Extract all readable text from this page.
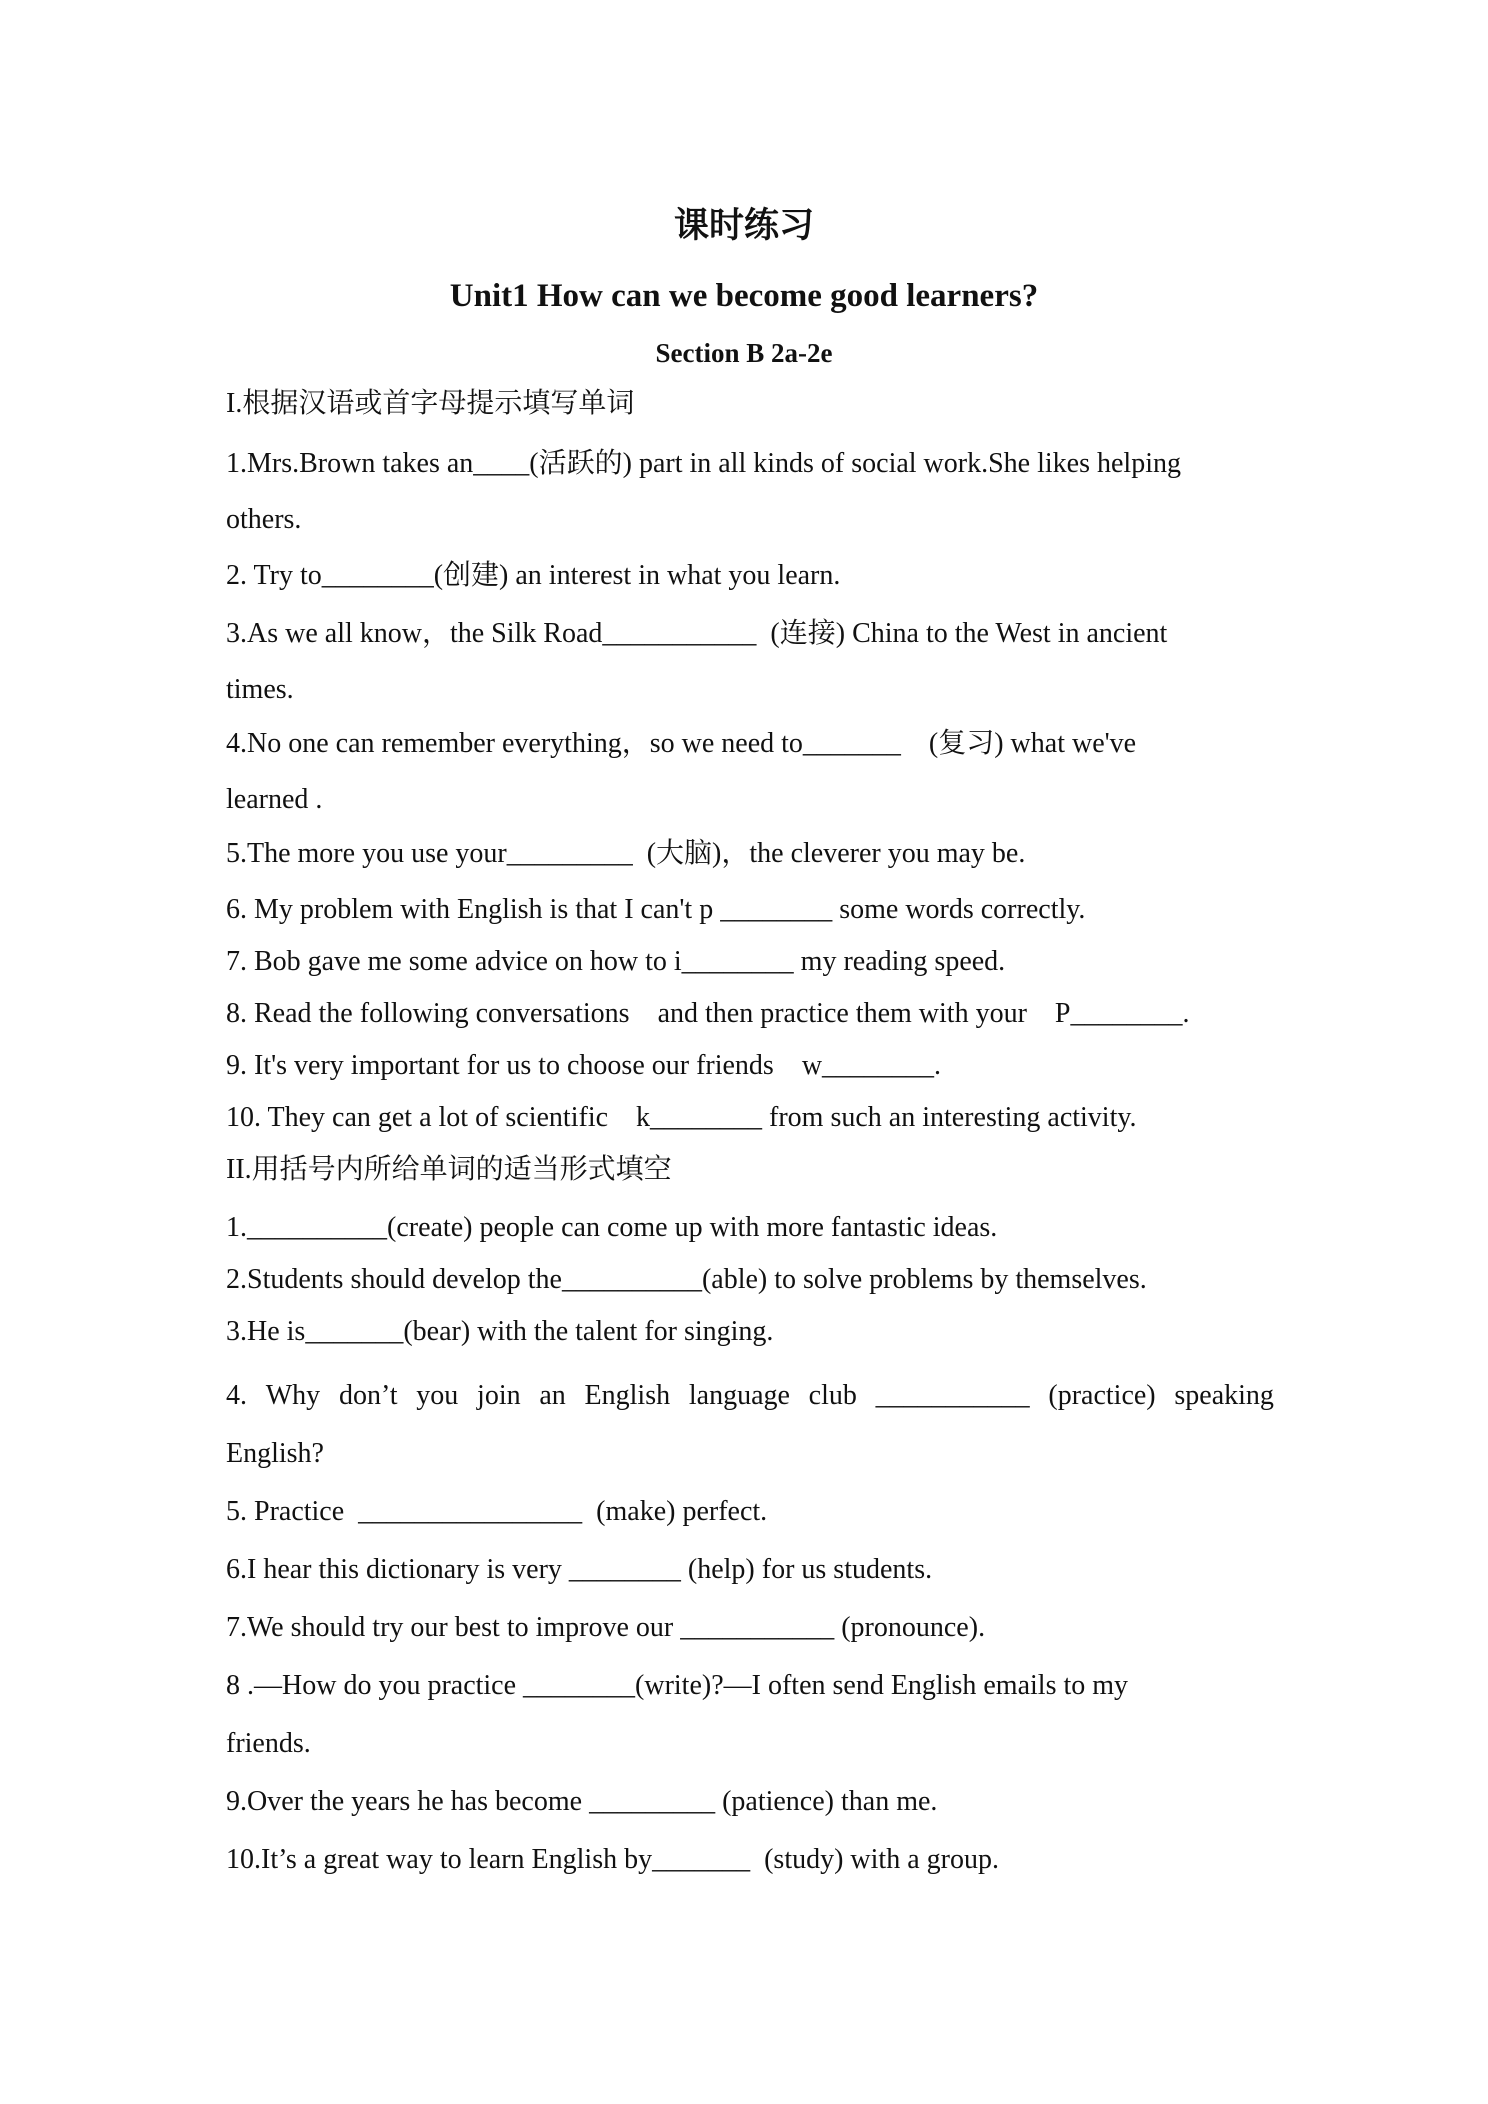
课时练习
Unit1 How can we become good learners?
Section B 2a-2e
I.根据汉语或首字母提示填写单词
1.Mrs.Brown takes an____(活跃的) part in all kinds of social work.She likes helping
others.
2. Try to________(创建) an interest in what you learn.
3.As we all know，the Silk Road___________  (连接) China to the West in ancient
times.
4.No one can remember everything，so we need to_______    (复习) what we've
learned .
5.The more you use your_________  (大脑)，the cleverer you may be.
6. My problem with English is that I can't p ________ some words correctly.
7. Bob gave me some advice on how to i________ my reading speed.
8. Read the following conversations    and then practice them with your    P________.
9. It's very important for us to choose our friends    w________.
10. They can get a lot of scientific    k________ from such an interesting activity.
II.用括号内所给单词的适当形式填空
1.__________(create) people can come up with more fantastic ideas.
2.Students should develop the__________(able) to solve problems by themselves.
3.He is_______(bear) with the talent for singing.
4. Why don’t you join an English language club ___________ (practice) speaking
English?
5. Practice  ________________  (make) perfect.
6.I hear this dictionary is very ________ (help) for us students.
7.We should try our best to improve our ___________ (pronounce).
8 .—How do you practice ________(write)?—I often send English emails to my
friends.
9.Over the years he has become _________ (patience) than me.
10.It’s a great way to learn English by_______  (study) with a group.
